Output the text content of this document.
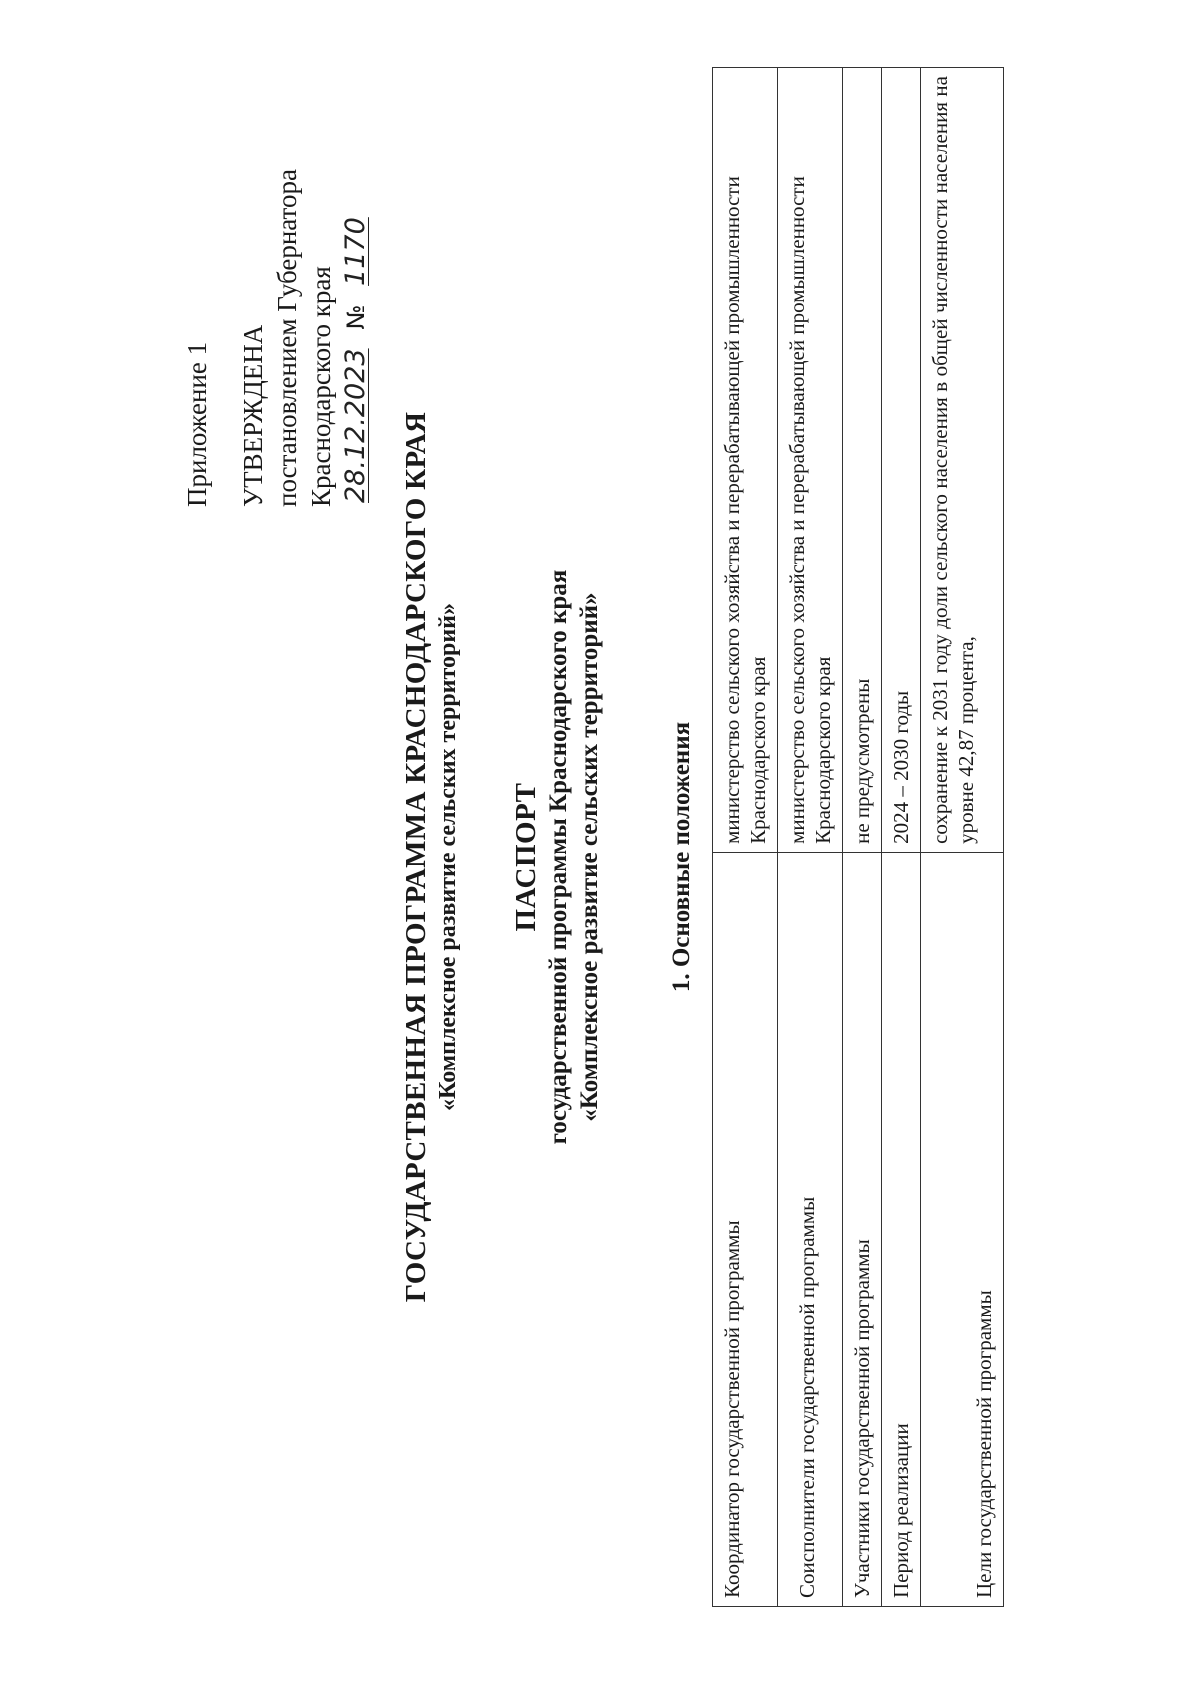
Приложение 1 УТВЕРЖДЕНА постановлением Губернатора Краснодарского края 28.12.2023 № 1170
ГОСУДАРСТВЕННАЯ ПРОГРАММА КРАСНОДАРСКОГО КРАЯ «Комплексное развитие сельских территорий» ПАСПОРТ государственной программы Краснодарского края «Комплексное развитие сельских территорий»	1. Основные положения
Координатор государственной программы	министерство сельского хозяйства и перерабатывающей промышленности Краснодарского края
Соисполнители государственной программы	министерство сельского хозяйства и перерабатывающей промышленности Краснодарского края
Участники государственной программы	не предусмотрены
Период реализации	2024 – 2030 годы
Цели государственной программы	сохранение к 2031 году доли сельского населения в общей численности населения на уровне 42,87 процента,
